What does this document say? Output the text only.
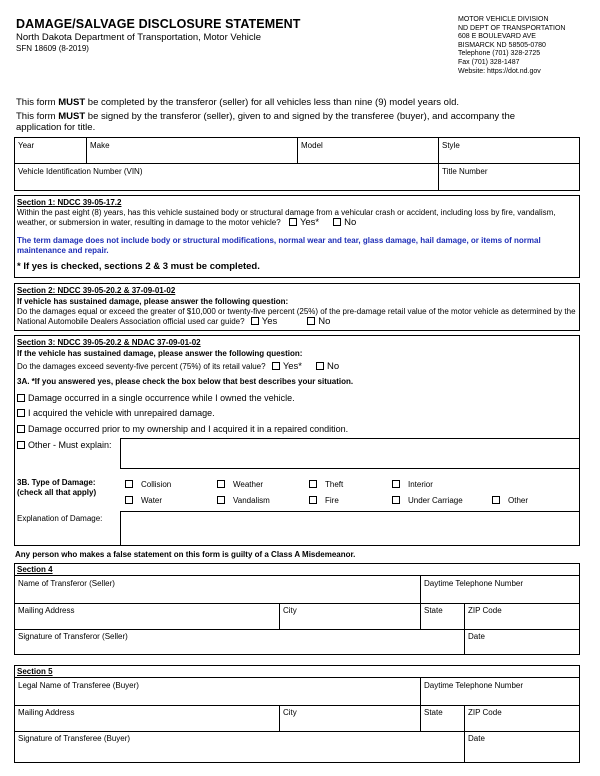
DAMAGE/SALVAGE DISCLOSURE STATEMENT
North Dakota Department of Transportation, Motor Vehicle
SFN 18609 (8-2019)
MOTOR VEHICLE DIVISION
ND DEPT OF TRANSPORTATION
608 E BOULEVARD AVE
BISMARCK ND 58505-0780
Telephone (701) 328-2725
Fax (701) 328-1487
Website: https://dot.nd.gov
This form MUST be completed by the transferor (seller) for all vehicles less than nine (9) model years old.
This form MUST be signed by the transferor (seller), given to and signed by the transferee (buyer), and accompany the application for title.
Year	Make	Model	Style
Vehicle Identification Number (VIN)	Title Number
Section 1: NDCC 39-05-17.2
Within the past eight (8) years, has this vehicle sustained body or structural damage from a vehicular crash or accident, including loss by fire, vandalism, weather, or submersion in water, resulting in damage to the motor vehicle? Yes*	No
The term damage does not include body or structural modifications, normal wear and tear, glass damage, hail damage, or items of normal maintenance and repair.
* If yes is checked, sections 2 & 3 must be completed.
Section 2: NDCC 39-05-20.2 & 37-09-01-02
If vehicle has sustained damage, please answer the following question:
Do the damages equal or exceed the greater of $10,000 or twenty-five percent (25%) of the pre-damage retail value of the motor vehicle as determined by the National Automobile Dealers Association official used car guide? Yes	No
Section 3: NDCC 39-05-20.2 & NDAC 37-09-01-02
If the vehicle has sustained damage, please answer the following question:
Do the damages exceed seventy-five percent (75%) of its retail value? Yes*	No
3A. *If you answered yes, please check the box below that best describes your situation.
Damage occurred in a single occurrence while I owned the vehicle.
I acquired the vehicle with unrepaired damage.
Damage occurred prior to my ownership and I acquired it in a repaired condition.
Other - Must explain:
3B. Type of Damage:
(check all that apply)
Collision	Weather	Theft	Interior
Water	Vandalism	Fire	Under Carriage	Other
Explanation of Damage:
Any person who makes a false statement on this form is guilty of a Class A Misdemeanor.
Section 4
Name of Transferor (Seller)	Daytime Telephone Number
Mailing Address	City	State	ZIP Code
Signature of Transferor (Seller)	Date
Section 5
Legal Name of Transferee (Buyer)	Daytime Telephone Number
Mailing Address	City	State	ZIP Code
Signature of Transferee (Buyer)	Date
